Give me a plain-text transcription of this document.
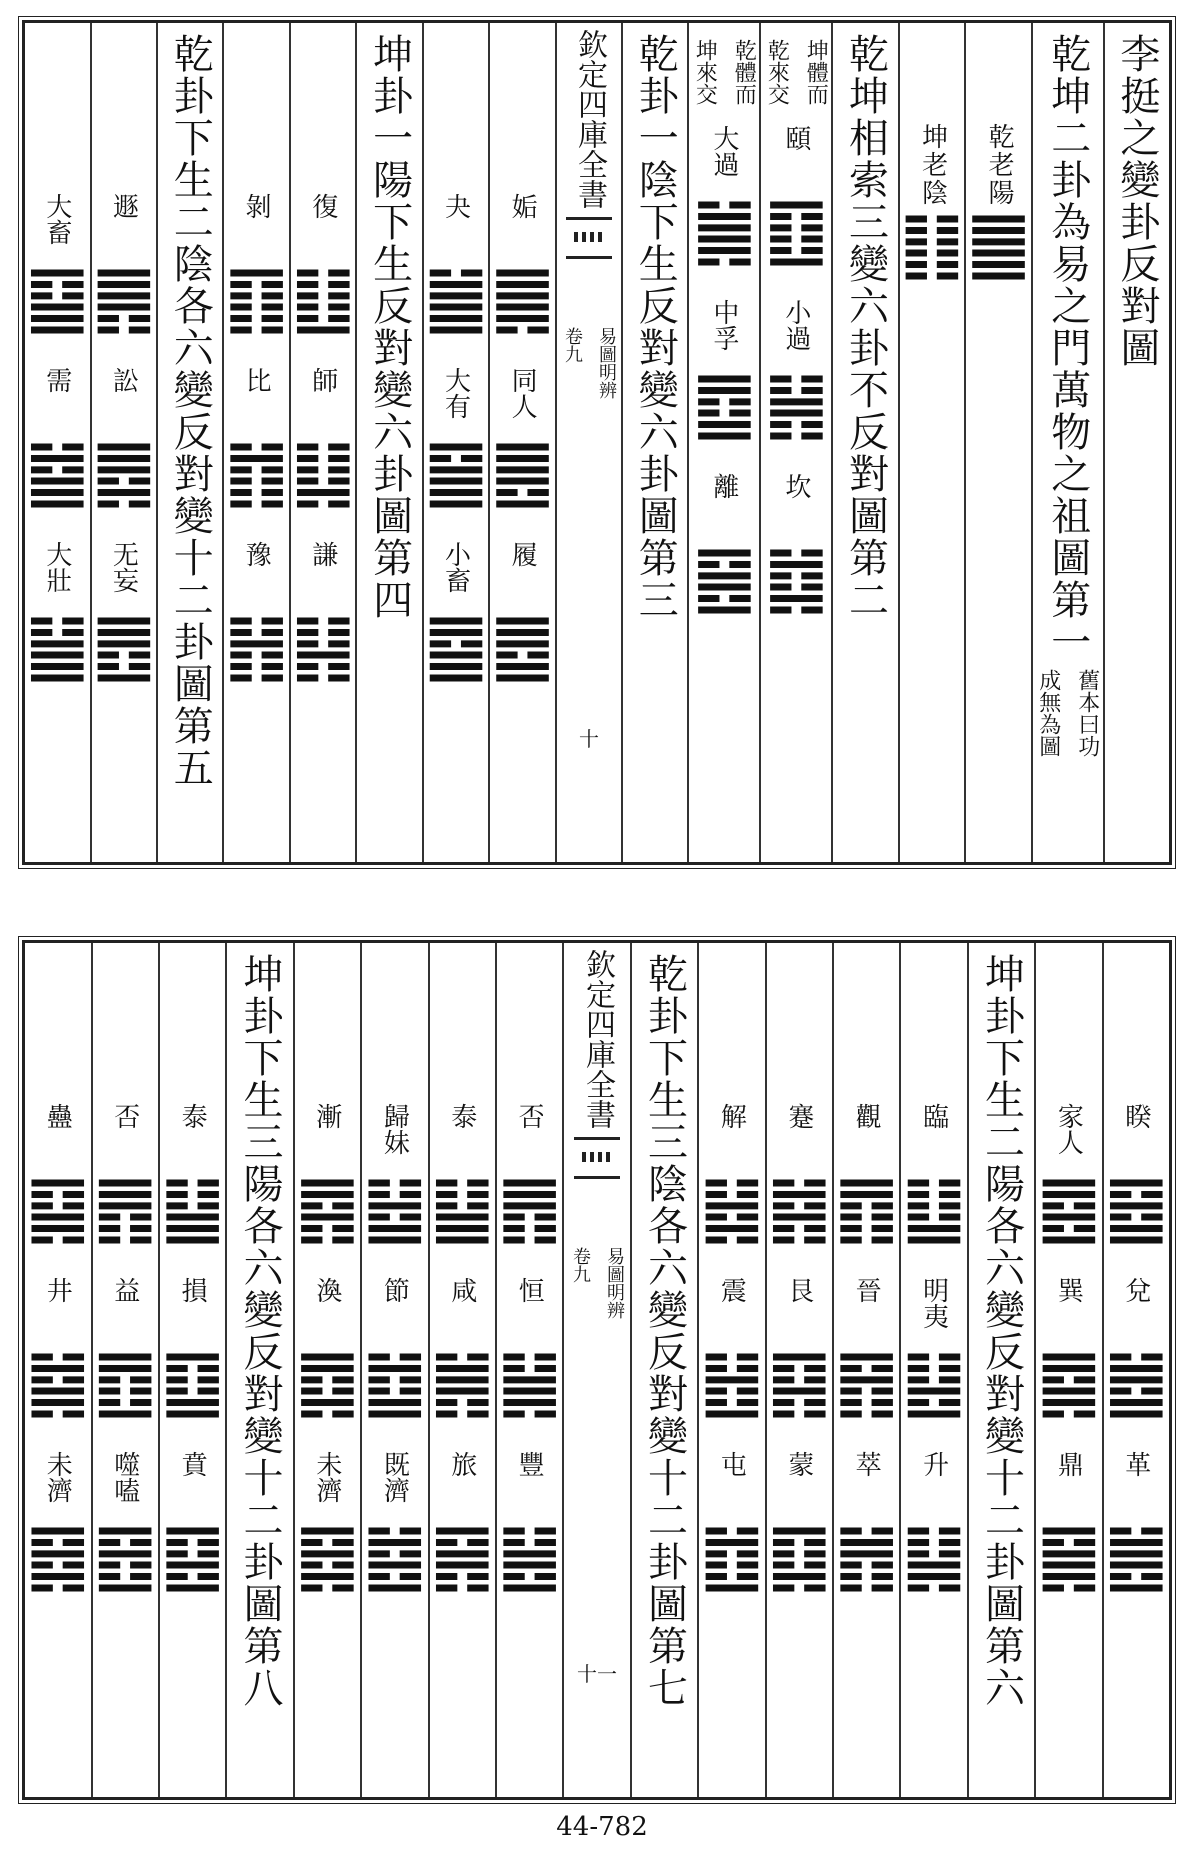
李挺之變卦反對圖
乾坤二卦為易之門萬物之祖圖第一
舊本曰功
成無為圖
乾老陽
䷀
坤老陰
䷁
乾坤相索三變六卦不反對圖第二
坤體而
乾來交
頤
䷚
小過
䷽
坎
䷜
乾體而
坤來交
大過
䷛
中孚
䷼
離
䷝
乾卦一陰下生反對變六卦圖第三
欽定四庫全書
易圖明辨
卷九
十
姤
䷫
同人
䷌
履
䷉
夬
䷪
大有
䷍
小畜
䷈
坤卦一陽下生反對變六卦圖第四
復
䷗
師
䷆
謙
䷎
剝
䷖
比
䷇
豫
䷏
乾卦下生二陰各六變反對變十二卦圖第五
遯
䷠
訟
䷅
无妄
䷘
大畜
䷙
需
䷄
大壯
䷡
睽
䷥
兌
䷹
革
䷰
家人
䷤
巽
䷸
鼎
䷱
坤卦下生二陽各六變反對變十二卦圖第六
臨
䷒
明夷
䷣
升
䷭
觀
䷓
晉
䷢
萃
䷬
蹇
䷦
艮
䷳
蒙
䷃
解
䷧
震
䷲
屯
䷂
乾卦下生三陰各六變反對變十二卦圖第七
欽定四庫全書
易圖明辨
卷九
十一
否
䷋
恒
䷟
豐
䷶
泰
䷊
咸
䷞
旅
䷷
歸妹
䷵
節
䷻
既濟
䷾
漸
䷴
渙
䷺
未濟
䷿
坤卦下生三陽各六變反對變十二卦圖第八
泰
䷊
損
䷨
賁
䷕
否
䷋
益
䷩
噬嗑
䷔
蠱
䷑
井
䷯
未濟
䷿
44-782
